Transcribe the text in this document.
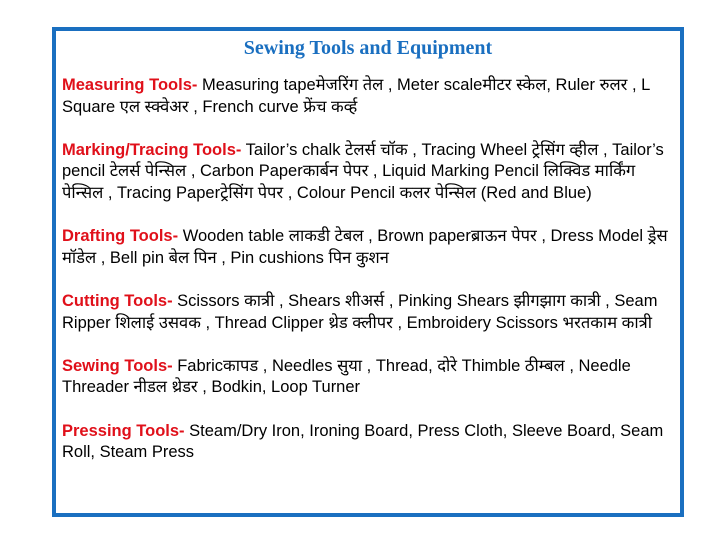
Sewing Tools and Equipment

Measuring Tools- Measuring tapeमेजरिंग तेल , Meter scaleमीटर स्केल, Ruler रुलर , L Square एल स्क्वेअर , French curve फ्रेंच कर्व्ह

Marking/Tracing Tools- Tailor’s chalk टेलर्स चॉक , Tracing Wheel ट्रेसिंग व्हील , Tailor’s pencil टेलर्स पेन्सिल , Carbon Paperकार्बन पेपर , Liquid Marking Pencil लिक्विड मार्किंग पेन्सिल , Tracing Paperट्रेसिंग पेपर , Colour Pencil कलर पेन्सिल (Red and Blue)

Drafting Tools- Wooden table लाकडी टेबल , Brown paperब्राऊन पेपर , Dress Model ड्रेस मॉडेल , Bell pin बेल पिन , Pin cushions पिन कुशन

Cutting Tools- Scissors कात्री , Shears शीअर्स , Pinking Shears झीगझाग कात्री , Seam Ripper शिलाई उसवक , Thread Clipper थ्रेड क्लीपर , Embroidery Scissors भरतकाम कात्री

Sewing Tools- Fabricकापड , Needles सुया , Thread, दोरे Thimble ठीम्बल , Needle Threader नीडल थ्रेडर , Bodkin, Loop Turner

Pressing Tools- Steam/Dry Iron, Ironing Board, Press Cloth, Sleeve Board, Seam Roll, Steam Press
